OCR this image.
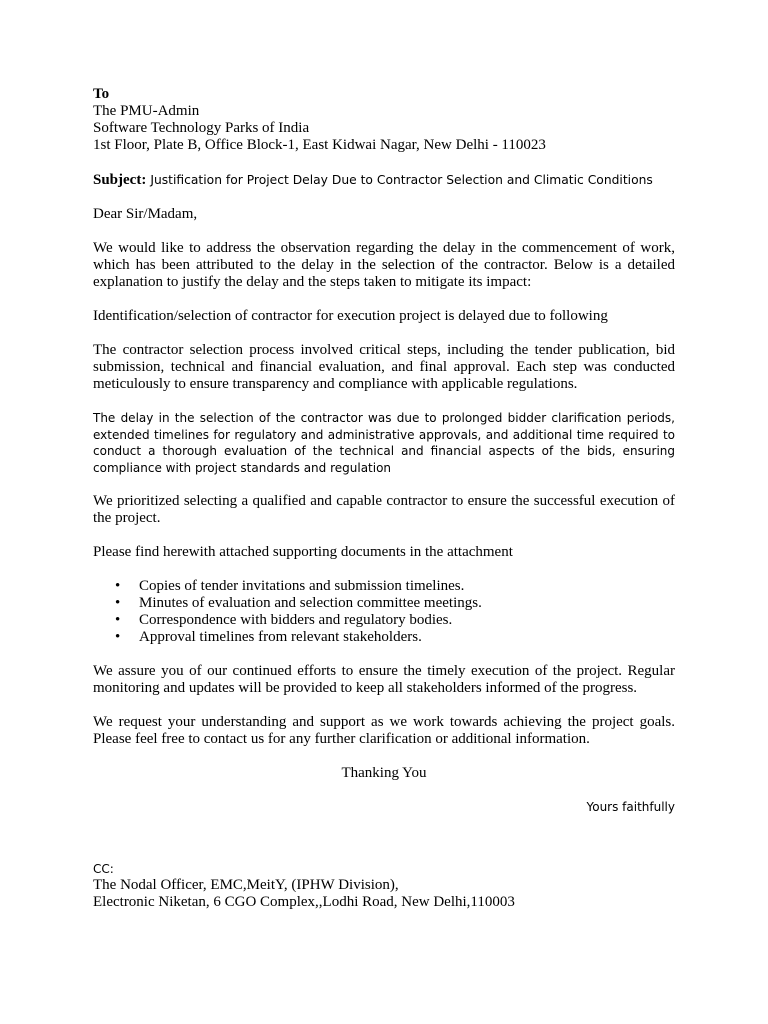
To
The PMU-Admin
Software Technology Parks of India
1st Floor, Plate B, Office Block-1, East Kidwai Nagar, New Delhi - 110023
Subject: Justification for Project Delay Due to Contractor Selection and Climatic Conditions

Dear Sir/Madam,

We would like to address the observation regarding the delay in the commencement of work, which has been attributed to the delay in the selection of the contractor. Below is a detailed explanation to justify the delay and the steps taken to mitigate its impact:

Identification/selection of contractor for execution project is delayed due to following

The contractor selection process involved critical steps, including the tender publication, bid submission, technical and financial evaluation, and final approval. Each step was conducted meticulously to ensure transparency and compliance with applicable regulations.

The delay in the selection of the contractor was due to prolonged bidder clarification periods, extended timelines for regulatory and administrative approvals, and additional time required to conduct a thorough evaluation of the technical and financial aspects of the bids, ensuring compliance with project standards and regulation

We prioritized selecting a qualified and capable contractor to ensure the successful execution of the project.

Please find herewith attached supporting documents in the attachment

• Copies of tender invitations and submission timelines.
• Minutes of evaluation and selection committee meetings.
• Correspondence with bidders and regulatory bodies.
• Approval timelines from relevant stakeholders.

We assure you of our continued efforts to ensure the timely execution of the project. Regular monitoring and updates will be provided to keep all stakeholders informed of the progress.

We request your understanding and support as we work towards achieving the project goals. Please feel free to contact us for any further clarification or additional information.

Thanking You

Yours faithfully

CC:

The Nodal Officer, EMC,MeitY, (IPHW Division),

Electronic Niketan, 6 CGO Complex,,Lodhi Road, New Delhi,110003
